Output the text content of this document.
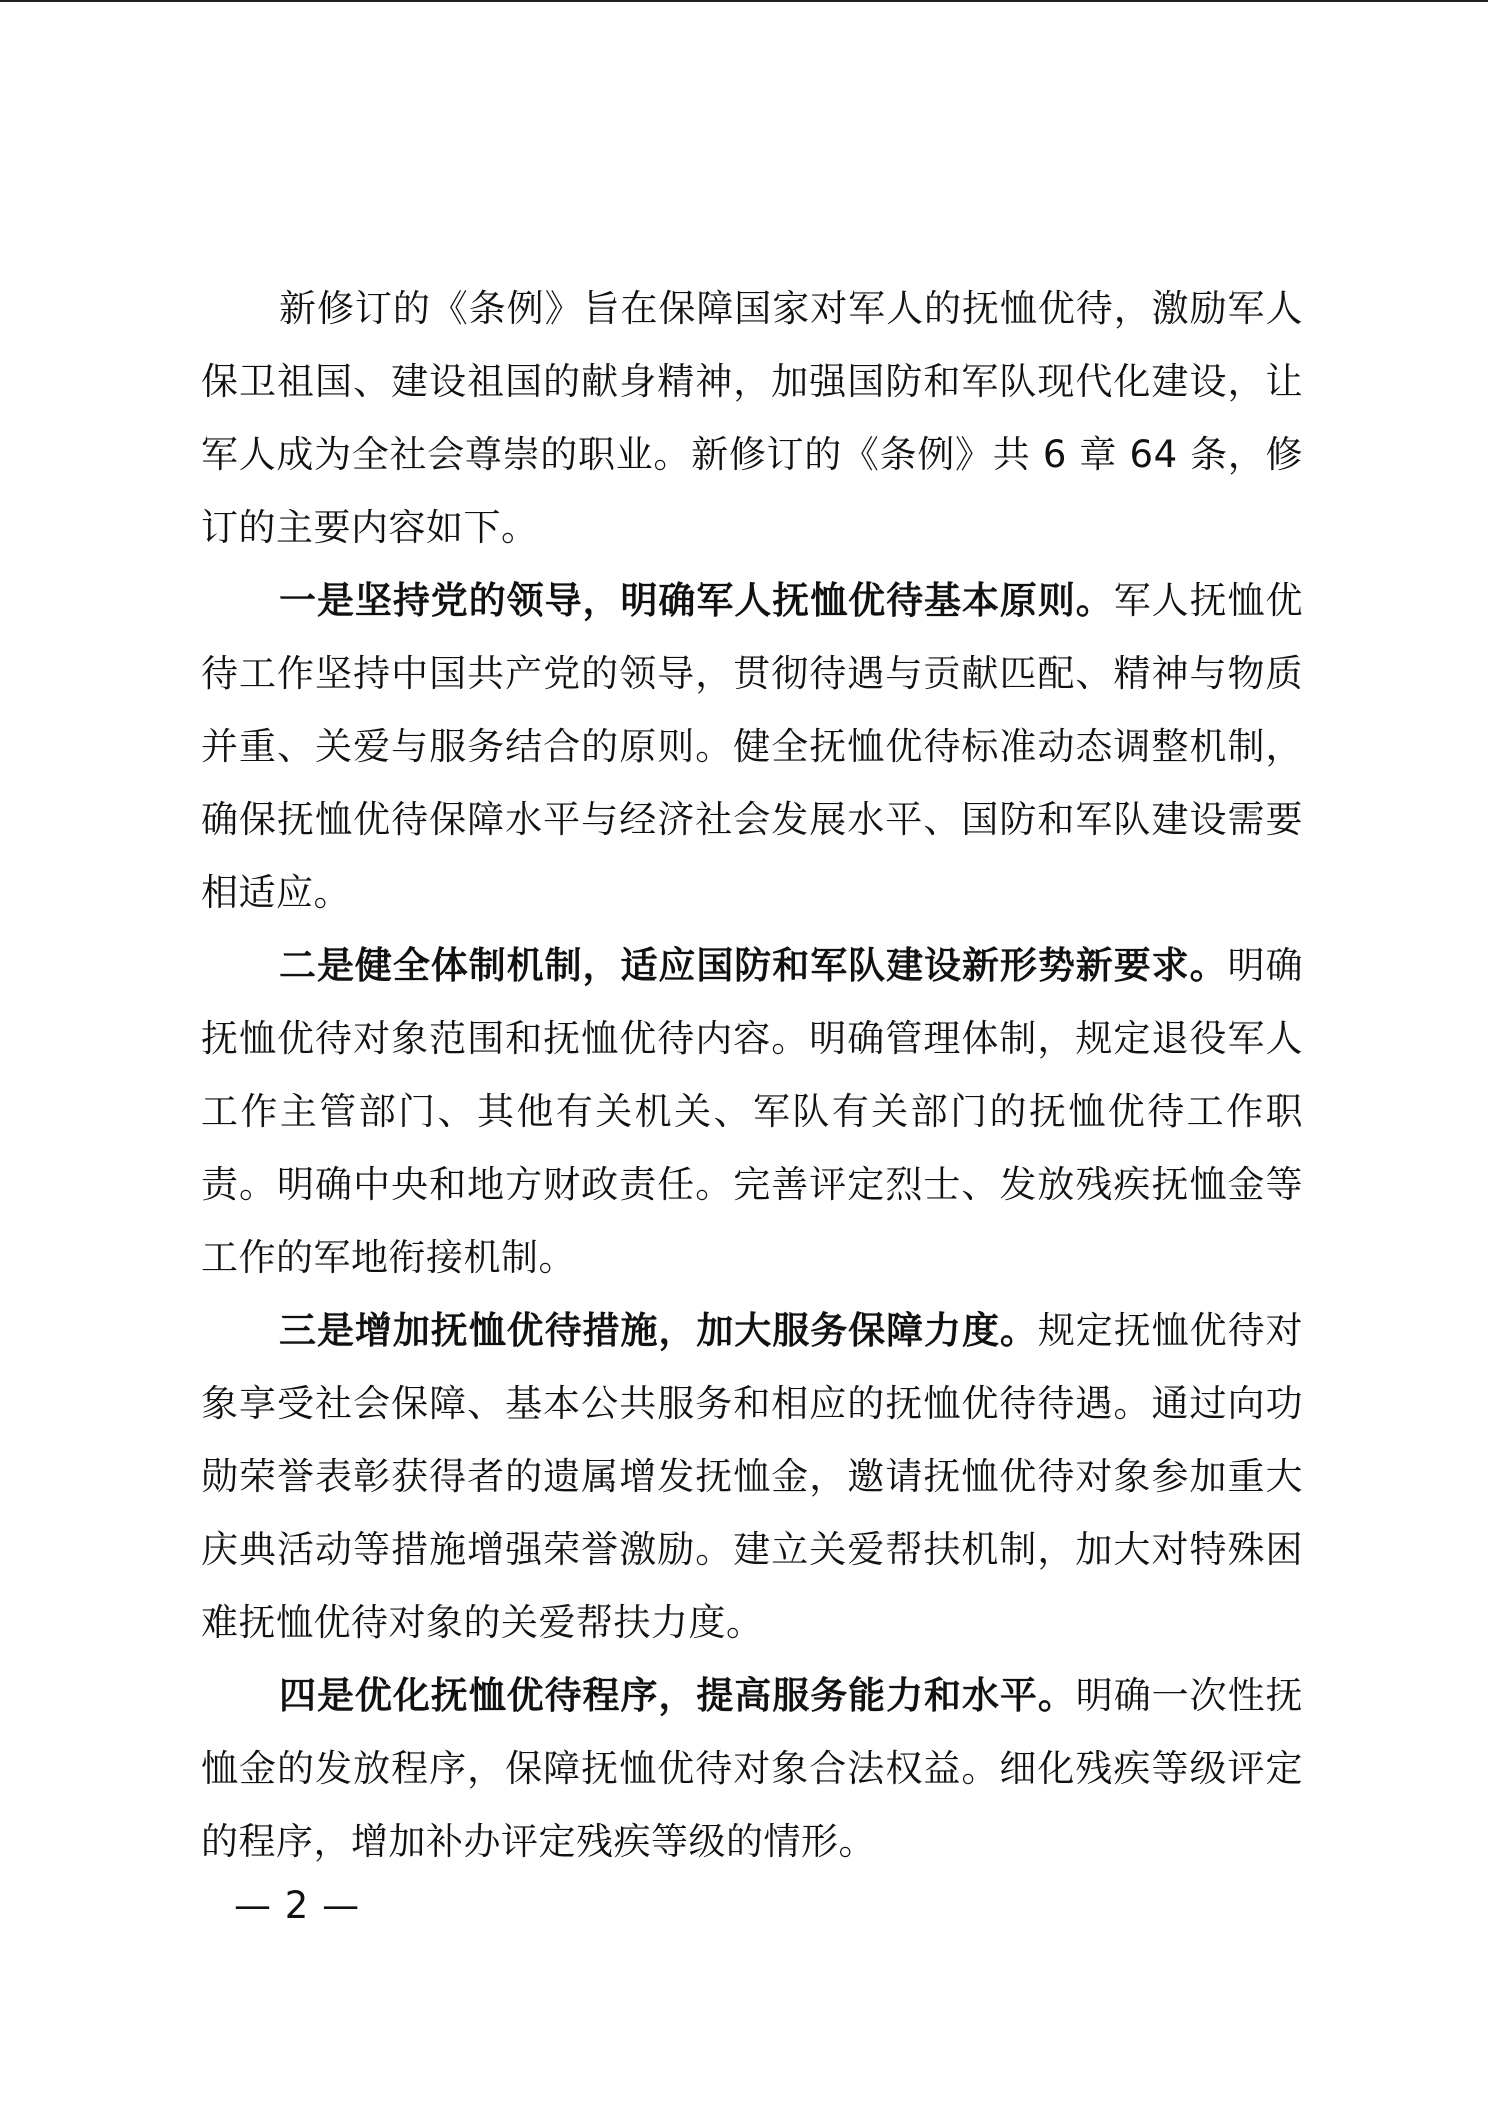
新修订的《条例》旨在保障国家对军人的抚恤优待，激励军人保卫祖国、建设祖国的献身精神，加强国防和军队现代化建设，让军人成为全社会尊崇的职业。新修订的《条例》共 6 章 64 条，修订的主要内容如下。

一是坚持党的领导，明确军人抚恤优待基本原则。军人抚恤优待工作坚持中国共产党的领导，贯彻待遇与贡献匹配、精神与物质并重、关爱与服务结合的原则。健全抚恤优待标准动态调整机制，确保抚恤优待保障水平与经济社会发展水平、国防和军队建设需要相适应。

二是健全体制机制，适应国防和军队建设新形势新要求。明确抚恤优待对象范围和抚恤优待内容。明确管理体制，规定退役军人工作主管部门、其他有关机关、军队有关部门的抚恤优待工作职责。明确中央和地方财政责任。完善评定烈士、发放残疾抚恤金等工作的军地衔接机制。

三是增加抚恤优待措施，加大服务保障力度。规定抚恤优待对象享受社会保障、基本公共服务和相应的抚恤优待待遇。通过向功勋荣誉表彰获得者的遗属增发抚恤金，邀请抚恤优待对象参加重大庆典活动等措施增强荣誉激励。建立关爱帮扶机制，加大对特殊困难抚恤优待对象的关爱帮扶力度。

四是优化抚恤优待程序，提高服务能力和水平。明确一次性抚恤金的发放程序，保障抚恤优待对象合法权益。细化残疾等级评定的程序，增加补办评定残疾等级的情形。

— 2 —
